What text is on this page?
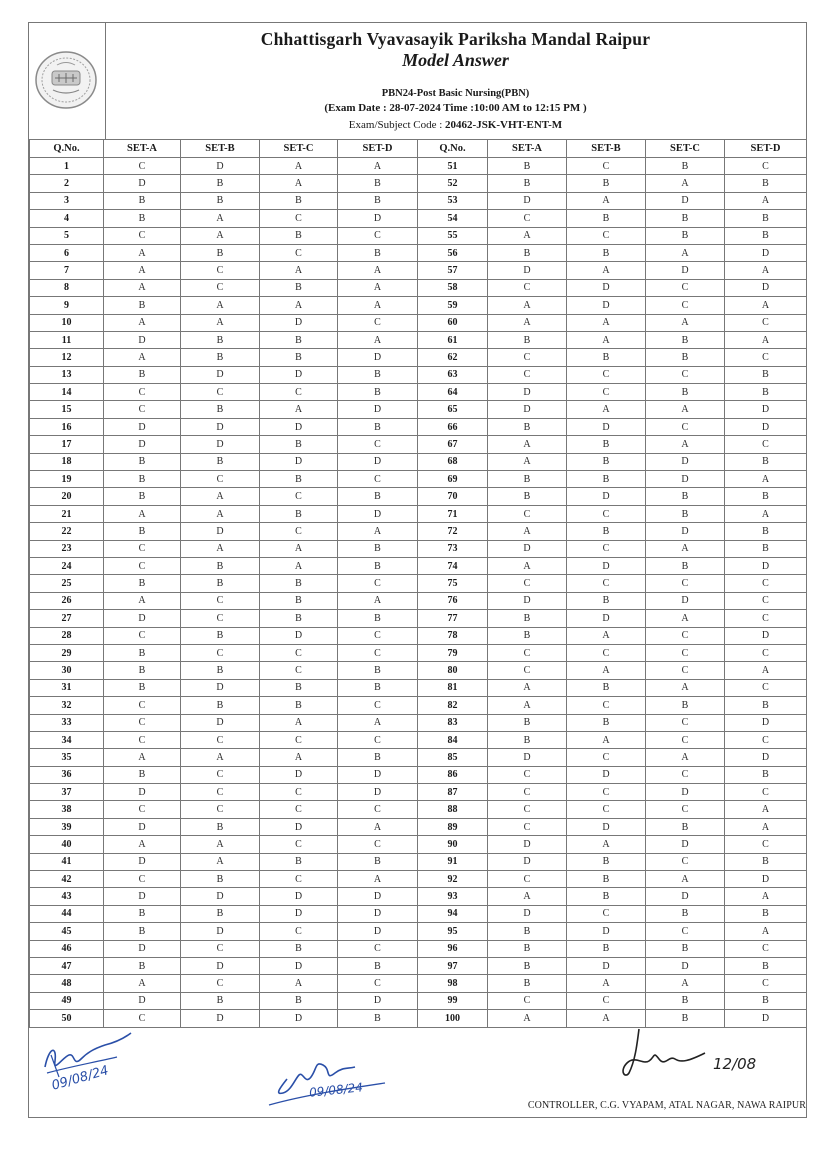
Chhattisgarh Vyavasayik Pariksha Mandal Raipur
Model Answer
PBN24-Post Basic Nursing(PBN)
(Exam Date : 28-07-2024 Time :10:00 AM to 12:15 PM )
Exam/Subject Code : 20462-JSK-VHT-ENT-M
Q.No.	SET-A	SET-B	SET-C	SET-D	Q.No.	SET-A	SET-B	SET-C	SET-D
1	C	D	A	A	51	B	C	B	C
2	D	B	A	B	52	B	B	A	B
3	B	B	B	B	53	D	A	D	A
4	B	A	C	D	54	C	B	B	B
5	C	A	B	C	55	A	C	B	B
6	A	B	C	B	56	B	B	A	D
7	A	C	A	A	57	D	A	D	A
8	A	C	B	A	58	C	D	C	D
9	B	A	A	A	59	A	D	C	A
10	A	A	D	C	60	A	A	A	C
11	D	B	B	A	61	B	A	B	A
12	A	B	B	D	62	C	B	B	C
13	B	D	D	B	63	C	C	C	B
14	C	C	C	B	64	D	C	B	B
15	C	B	A	D	65	D	A	A	D
16	D	D	D	B	66	B	D	C	D
17	D	D	B	C	67	A	B	A	C
18	B	B	D	D	68	A	B	D	B
19	B	C	B	C	69	B	B	D	A
20	B	A	C	B	70	B	D	B	B
21	A	A	B	D	71	C	C	B	A
22	B	D	C	A	72	A	B	D	B
23	C	A	A	B	73	D	C	A	B
24	C	B	A	B	74	A	D	B	D
25	B	B	B	C	75	C	C	C	C
26	A	C	B	A	76	D	B	D	C
27	D	C	B	B	77	B	D	A	C
28	C	B	D	C	78	B	A	C	D
29	B	C	C	C	79	C	C	C	C
30	B	B	C	B	80	C	A	C	A
31	B	D	B	B	81	A	B	A	C
32	C	B	B	C	82	A	C	B	B
33	C	D	A	A	83	B	B	C	D
34	C	C	C	C	84	B	A	C	C
35	A	A	A	B	85	D	C	A	D
36	B	C	D	D	86	C	D	C	B
37	D	C	C	D	87	C	C	D	C
38	C	C	C	C	88	C	C	C	A
39	D	B	D	A	89	C	D	B	A
40	A	A	C	C	90	D	A	D	C
41	D	A	B	B	91	D	B	C	B
42	C	B	C	A	92	C	B	A	D
43	D	D	D	D	93	A	B	D	A
44	B	B	D	D	94	D	C	B	B
45	B	D	C	D	95	B	D	C	A
46	D	C	B	C	96	B	B	B	C
47	B	D	D	B	97	B	D	D	B
48	A	C	A	C	98	B	A	A	C
49	D	B	B	D	99	C	C	B	B
50	C	D	D	B	100	A	A	B	D
09/08/24	09/08/24
12/08
CONTROLLER, C.G. VYAPAM, ATAL NAGAR, NAWA RAIPUR
